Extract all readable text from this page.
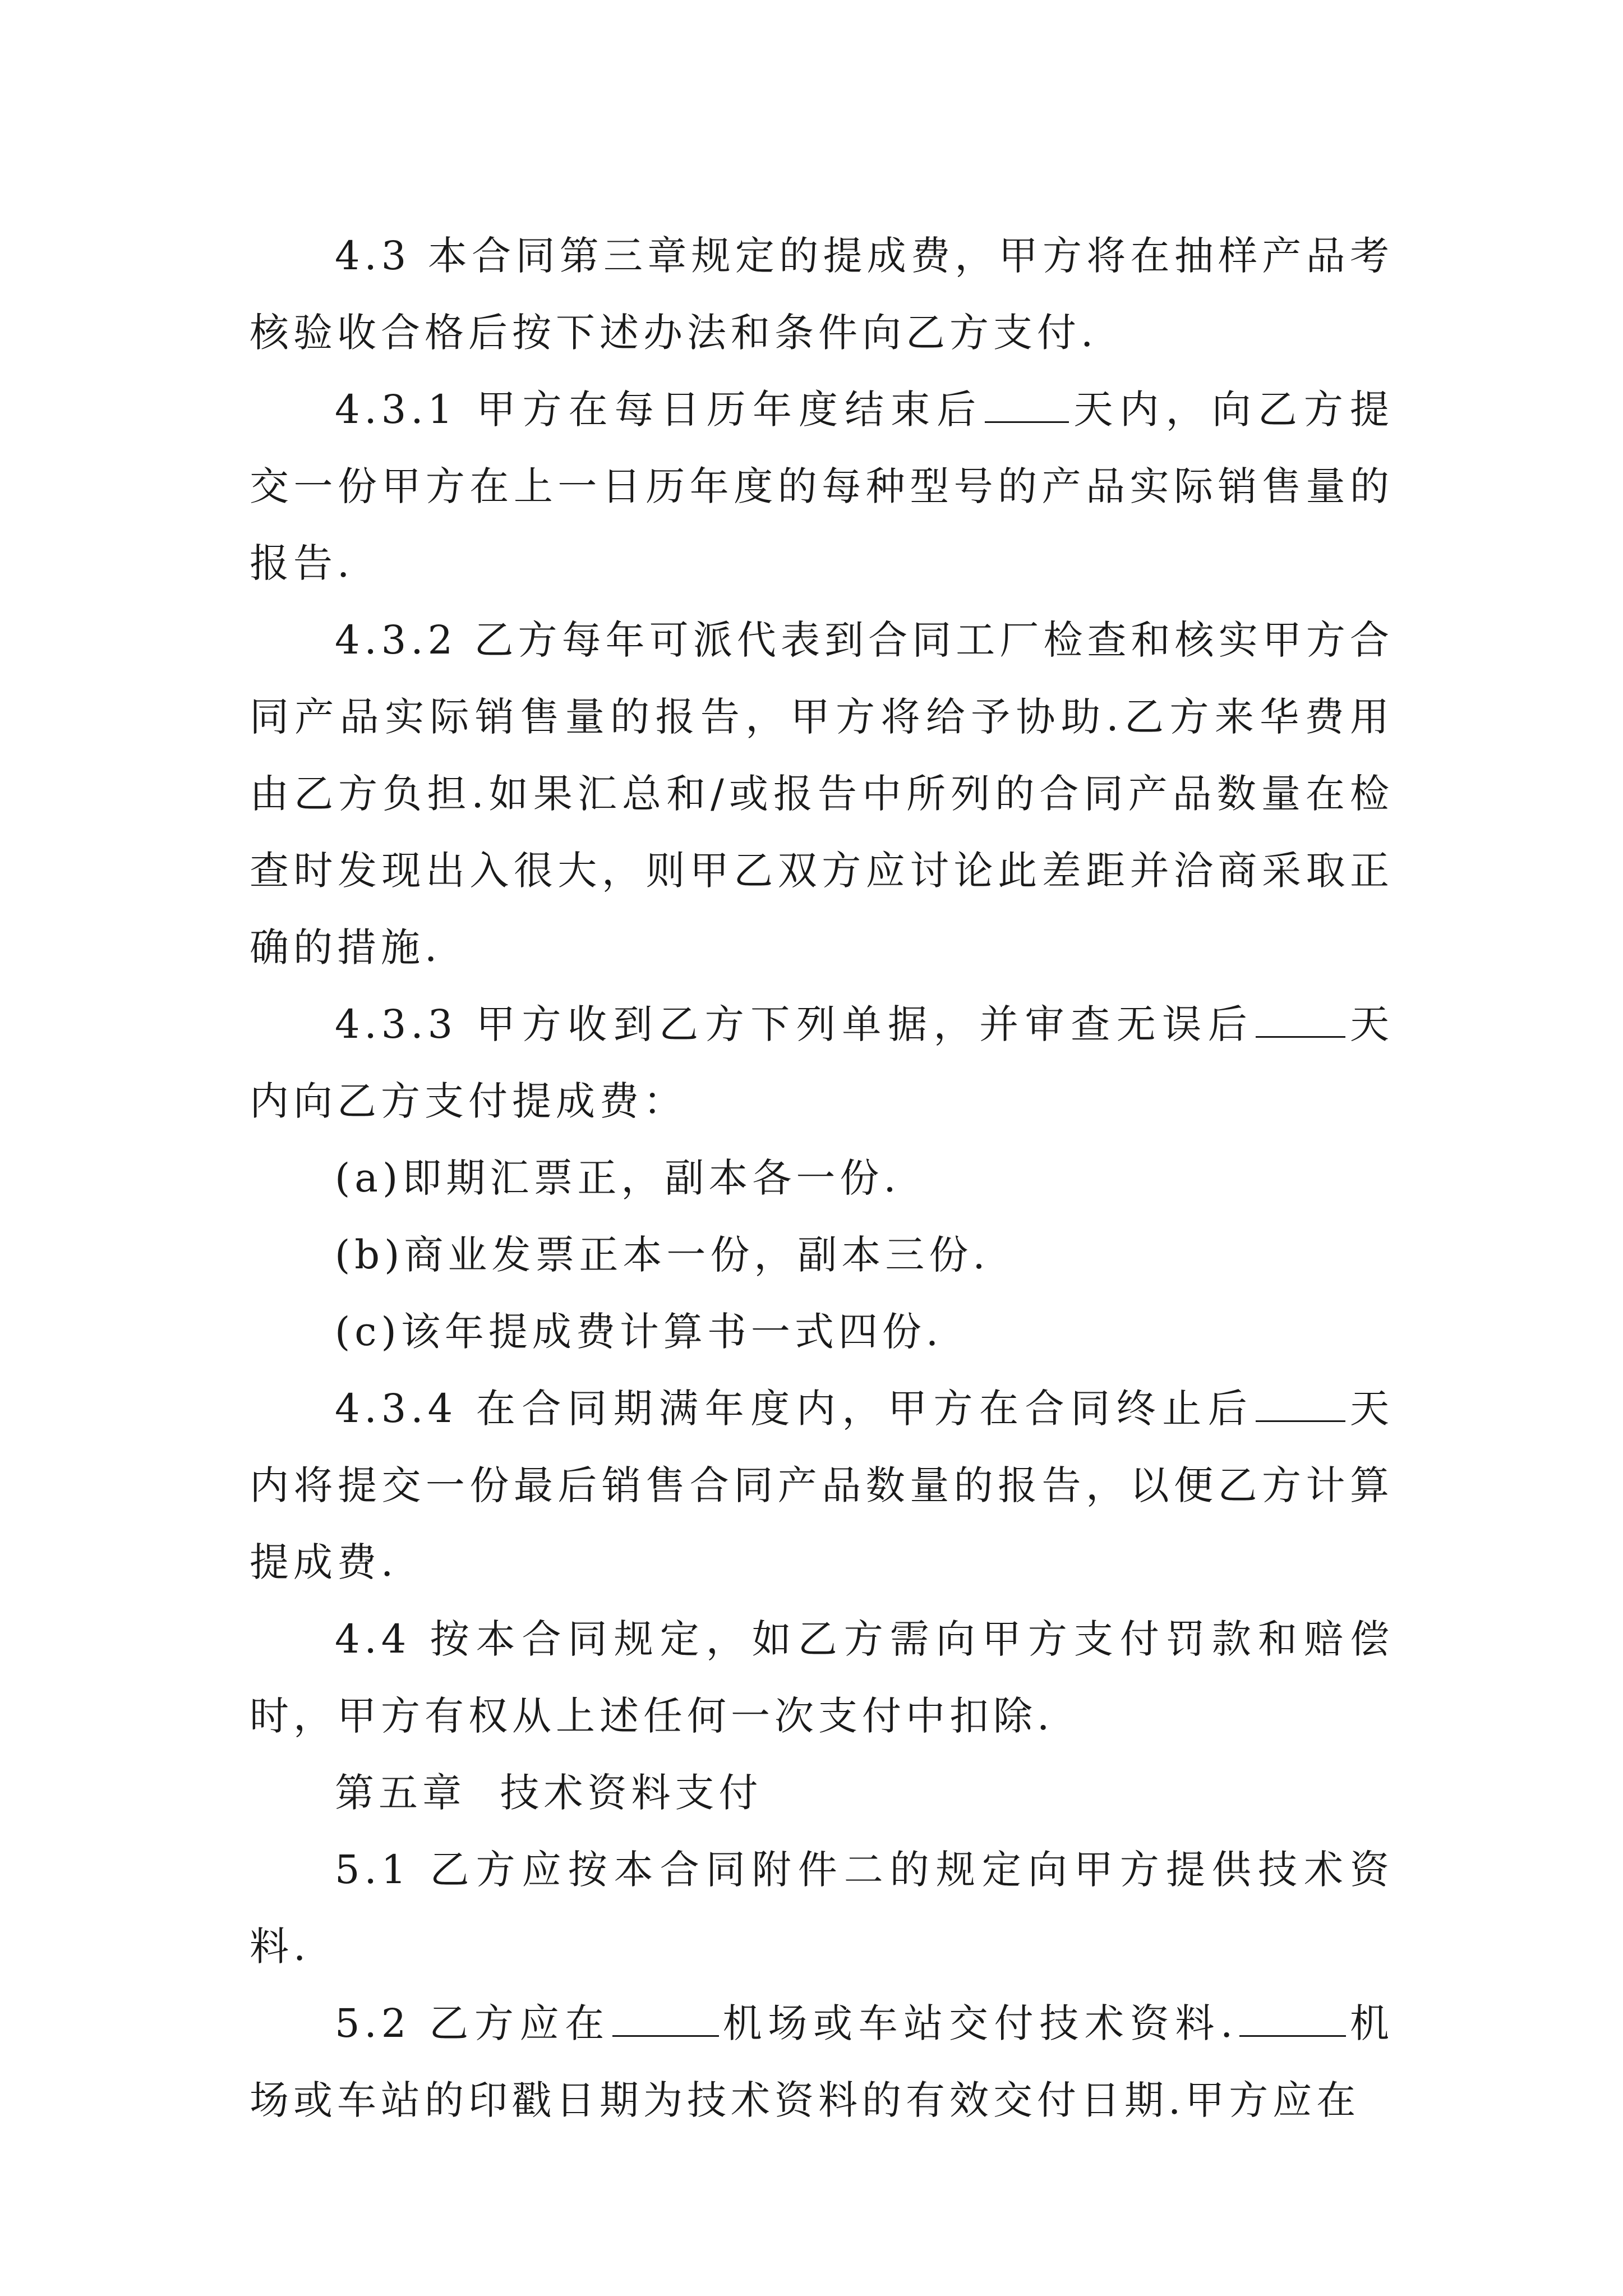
4.3 本合同第三章规定的提成费，甲方将在抽样产品考核验收合格后按下述办法和条件向乙方支付.

4.3.1 甲方在每日历年度结束后 天内，向乙方提交一份甲方在上一日历年度的每种型号的产品实际销售量的报告.

4.3.2 乙方每年可派代表到合同工厂检查和核实甲方合同产品实际销售量的报告，甲方将给予协助.乙方来华费用由乙方负担.如果汇总和/或报告中所列的合同产品数量在检查时发现出入很大，则甲乙双方应讨论此差距并洽商采取正确的措施.

4.3.3 甲方收到乙方下列单据，并审查无误后 天内向乙方支付提成费：

(a)即期汇票正，副本各一份.

(b)商业发票正本一份，副本三份.

(c)该年提成费计算书一式四份.

4.3.4 在合同期满年度内，甲方在合同终止后 天内将提交一份最后销售合同产品数量的报告，以便乙方计算提成费.

4.4 按本合同规定，如乙方需向甲方支付罚款和赔偿时，甲方有权从上述任何一次支付中扣除.

第五章  技术资料支付

5.1 乙方应按本合同附件二的规定向甲方提供技术资料.

5.2 乙方应在	机场或车站交付技术资料.	机场或车站的印戳日期为技术资料的有效交付日期.甲方应在
